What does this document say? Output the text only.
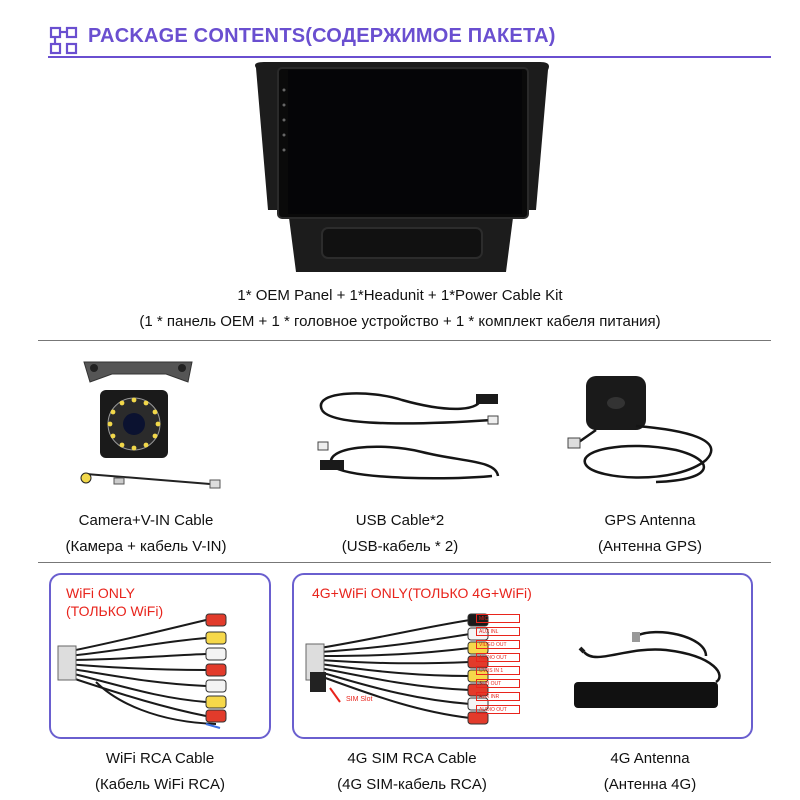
PACKAGE CONTENTS(СОДЕРЖИМОЕ ПАКЕТА)
1* OEM Panel + 1*Headunit + 1*Power Cable Kit
(1 * панель OEM + 1 * головное устройство + 1 * комплект кабеля питания)
Camera+V-IN Cable
(Камера + кабель V-IN)
USB Cable*2
(USB-кабель * 2)
GPS Antenna
(Антенна GPS)
WiFi ONLY
(ТОЛЬКО WiFi)
WiFi RCA Cable
(Кабель WiFi RCA)
4G+WiFi ONLY(ТОЛЬКО 4G+WiFi)
SIM Slot
MIC
AUX INL
VIDEO OUT
AUDIO OUT
CVBS IN 1
SUB OUT
AUX INR
AUDIO OUT
4G SIM RCA Cable
(4G SIM-кабель RCA)
4G Antenna
(Антенна 4G)
